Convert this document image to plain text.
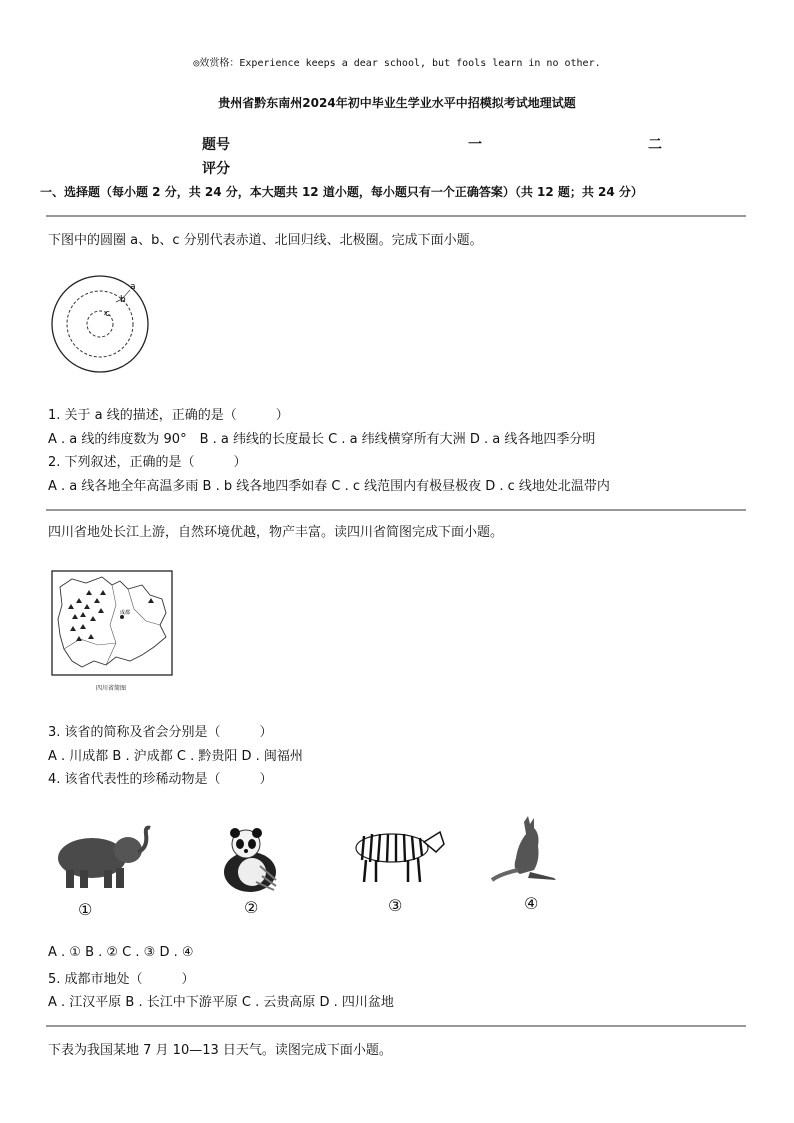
◎效赏格：Experience keeps a dear school, but fools learn in no other.
贵州省黔东南州2024年初中毕业生学业水平中招模拟考试地理试题
题号	一	二
评分
一、选择题（每小题 2 分，共 24 分，本大题共 12 道小题，每小题只有一个正确答案）（共 12 题；共 24 分）
下图中的圆圈 a、b、c 分别代表赤道、北回归线、北极圈。完成下面小题。
a
b
c
1. 关于 a 线的描述，正确的是（　　　）
A . a 线的纬度数为 90°　B . a 纬线的长度最长 C . a 纬线横穿所有大洲 D . a 线各地四季分明
2. 下列叙述，正确的是（　　　）
A . a 线各地全年高温多雨 B . b 线各地四季如春 C . c 线范围内有极昼极夜 D . c 线地处北温带内
四川省地处长江上游，自然环境优越，物产丰富。读四川省简图完成下面小题。
成都
四川省简图
3. 该省的简称及省会分别是（　　　）
A . 川成都 B . 沪成都 C . 黔贵阳 D . 闽福州
4. 该省代表性的珍稀动物是（　　　）
①	②	③	④
A . ① B . ② C . ③ D . ④
5. 成都市地处（　　　）
A . 江汉平原 B . 长江中下游平原 C . 云贵高原 D . 四川盆地
下表为我国某地 7 月 10—13 日天气。读图完成下面小题。
